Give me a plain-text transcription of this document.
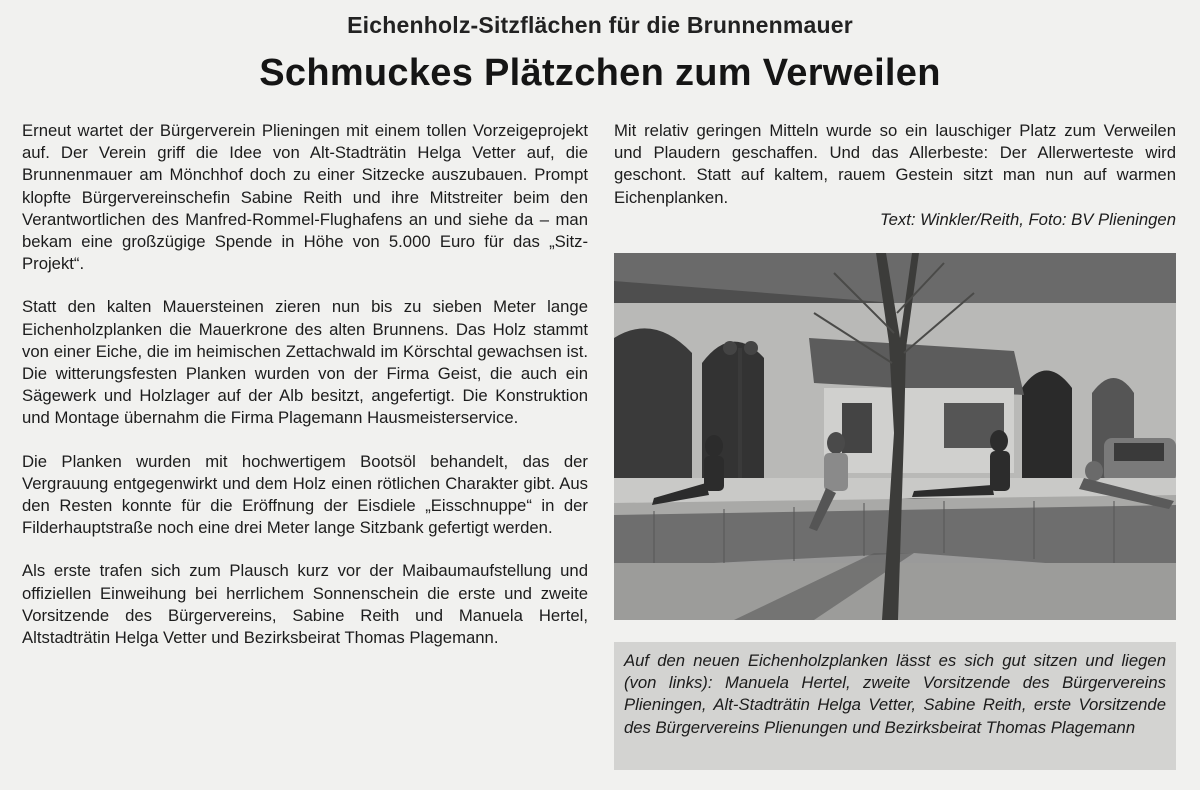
Eichenholz-Sitzflächen für die Brunnenmauer
Schmuckes Plätzchen zum Verweilen

Erneut wartet der Bürgerverein Plieningen mit einem tollen Vorzeigeprojekt auf. Der Verein griff die Idee von Alt-Stadträtin Helga Vetter auf, die Brunnenmauer am Mönchhof doch zu einer Sitzecke auszubauen. Prompt klopfte Bürgervereinschefin Sabine Reith und ihre Mitstreiter beim den Verantwortlichen des Manfred-Rommel-Flughafens an und siehe da – man bekam eine großzügige Spende in Höhe von 5.000 Euro für das „Sitz-Projekt“.

Statt den kalten Mauersteinen zieren nun bis zu sieben Meter lange Eichenholzplanken die Mauerkrone des alten Brunnens. Das Holz stammt von einer Eiche, die im heimischen Zettachwald im Körschtal gewachsen ist. Die witterungsfesten Planken wurden von der Firma Geist, die auch ein Sägewerk und Holzlager auf der Alb besitzt, angefertigt. Die Konstruktion und Montage übernahm die Firma Plagemann Hausmeisterservice.

Die Planken wurden mit hochwertigem Bootsöl behandelt, das der Vergrauung entgegenwirkt und dem Holz einen rötlichen Charakter gibt. Aus den Resten konnte für die Eröffnung der Eisdiele „Eisschnuppe“ in der Filderhauptstraße noch eine drei Meter lange Sitzbank gefertigt werden.

Als erste trafen sich zum Plausch kurz vor der Maibaumaufstellung und offiziellen Einweihung bei herrlichem Sonnenschein die erste und zweite Vorsitzende des Bürgervereins, Sabine Reith und Manuela Hertel, Altstadträtin Helga Vetter und Bezirksbeirat Thomas Plagemann.

Mit relativ geringen Mitteln wurde so ein lauschiger Platz zum Verweilen und Plaudern geschaffen. Und das Allerbeste: Der Allerwerteste wird geschont. Statt auf kaltem, rauem Gestein sitzt man nun auf warmen Eichenplanken.

Text: Winkler/Reith, Foto: BV Plieningen

Auf den neuen Eichenholzplanken lässt es sich gut sitzen und liegen (von links): Manuela Hertel, zweite Vorsitzende des Bürgervereins Plieningen, Alt-Stadträtin Helga Vetter, Sabine Reith, erste Vorsitzende des Bürgervereins Plienungen und Bezirksbeirat Thomas Plagemann
